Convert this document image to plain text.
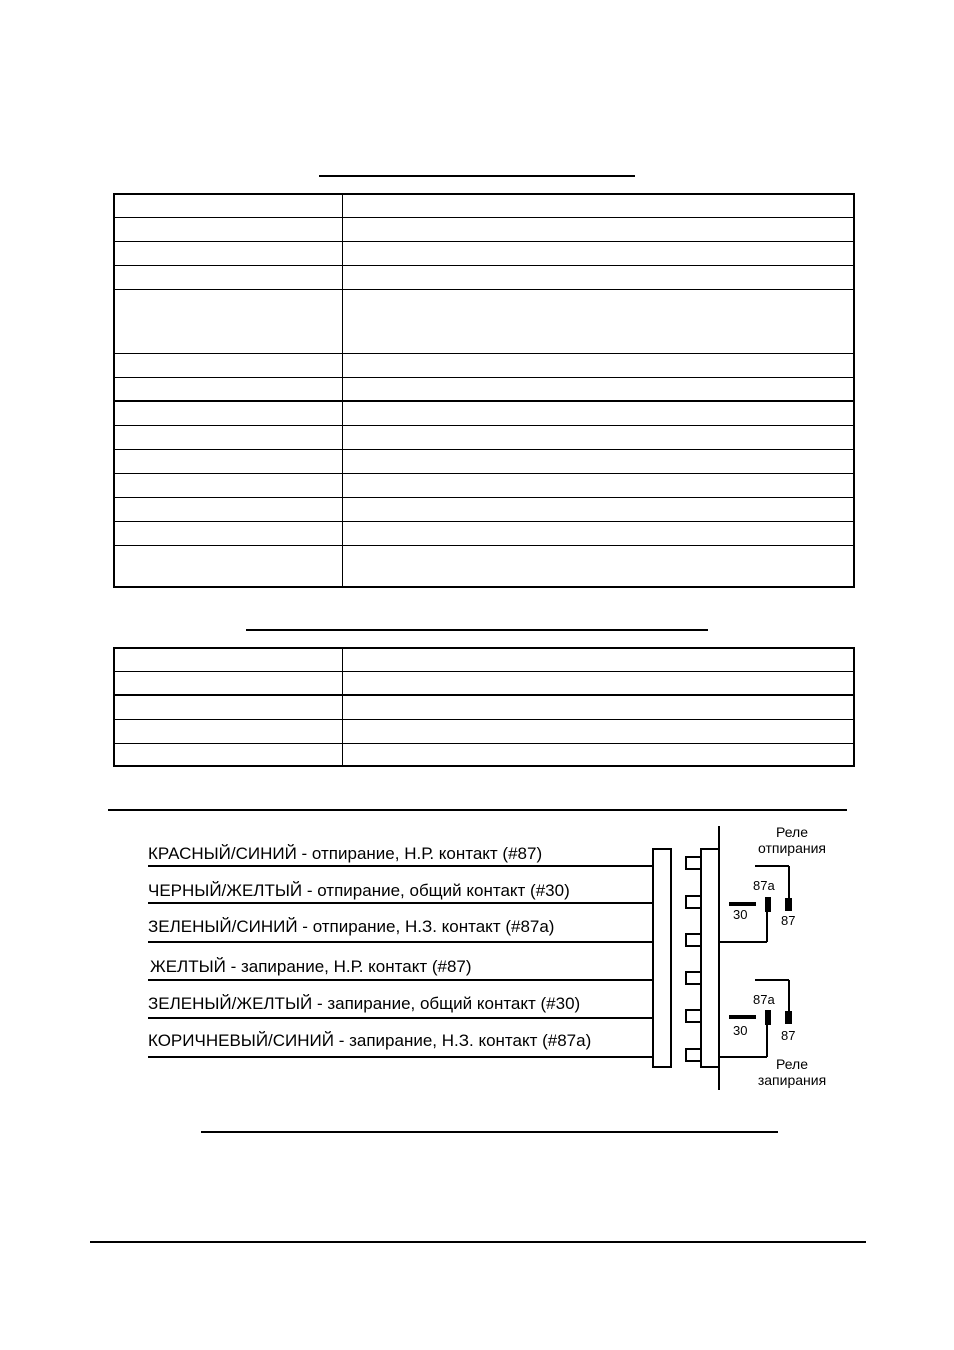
КРАСНЫЙ/СИНИЙ - отпирание, Н.Р. контакт (#87)
ЧЕРНЫЙ/ЖЕЛТЫЙ - отпирание, общий контакт (#30)
ЗЕЛЕНЫЙ/СИНИЙ - отпирание, Н.З. контакт (#87а)
ЖЕЛТЫЙ - запирание, Н.Р. контакт (#87)
ЗЕЛЕНЫЙ/ЖЕЛТЫЙ - запирание, общий контакт (#30)
КОРИЧНЕВЫЙ/СИНИЙ - запирание, Н.З. контакт (#87а)
Реле
отпирания
Реле
запирания
87а
30	87
87а
30	87
